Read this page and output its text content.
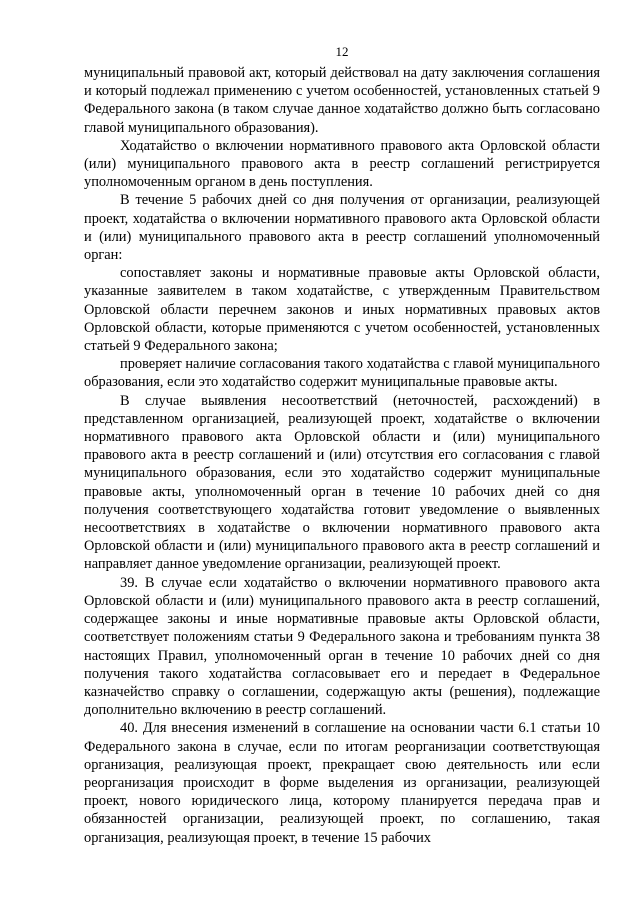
12

муниципальный правовой акт, который действовал на дату заключения соглашения и который подлежал применению с учетом особенностей, установленных статьей 9 Федерального закона (в таком случае данное ходатайство должно быть согласовано главой муниципального образования).

Ходатайство о включении нормативного правового акта Орловской области (или) муниципального правового акта в реестр соглашений регистрируется уполномоченным органом в день поступления.

В течение 5 рабочих дней со дня получения от организации, реализующей проект, ходатайства о включении нормативного правового акта Орловской области и (или) муниципального правового акта в реестр соглашений уполномоченный орган:

сопоставляет законы и нормативные правовые акты Орловской области, указанные заявителем в таком ходатайстве, с утвержденным Правительством Орловской области перечнем законов и иных нормативных правовых актов Орловской области, которые применяются с учетом особенностей, установленных статьей 9 Федерального закона;

проверяет наличие согласования такого ходатайства с главой муниципального образования, если это ходатайство содержит муниципальные правовые акты.

В случае выявления несоответствий (неточностей, расхождений) в представленном организацией, реализующей проект, ходатайстве о включении нормативного правового акта Орловской области и (или) муниципального правового акта в реестр соглашений и (или) отсутствия его согласования с главой муниципального образования, если это ходатайство содержит муниципальные правовые акты, уполномоченный орган в течение 10 рабочих дней со дня получения соответствующего ходатайства готовит уведомление о выявленных несоответствиях в ходатайстве о включении нормативного правового акта Орловской области и (или) муниципального правового акта в реестр соглашений и направляет данное уведомление организации, реализующей проект.

39. В случае если ходатайство о включении нормативного правового акта Орловской области и (или) муниципального правового акта в реестр соглашений, содержащее законы и иные нормативные правовые акты Орловской области, соответствует положениям статьи 9 Федерального закона и требованиям пункта 38 настоящих Правил, уполномоченный орган в течение 10 рабочих дней со дня получения такого ходатайства согласовывает его и передает в Федеральное казначейство справку о соглашении, содержащую акты (решения), подлежащие дополнительно включению в реестр соглашений.

40. Для внесения изменений в соглашение на основании части 6.1 статьи 10 Федерального закона в случае, если по итогам реорганизации соответствующая организация, реализующая проект, прекращает свою деятельность или если реорганизация происходит в форме выделения из организации, реализующей проект, нового юридического лица, которому планируется передача прав и обязанностей организации, реализующей проект, по соглашению, такая организация, реализующая проект, в течение 15 рабочих
